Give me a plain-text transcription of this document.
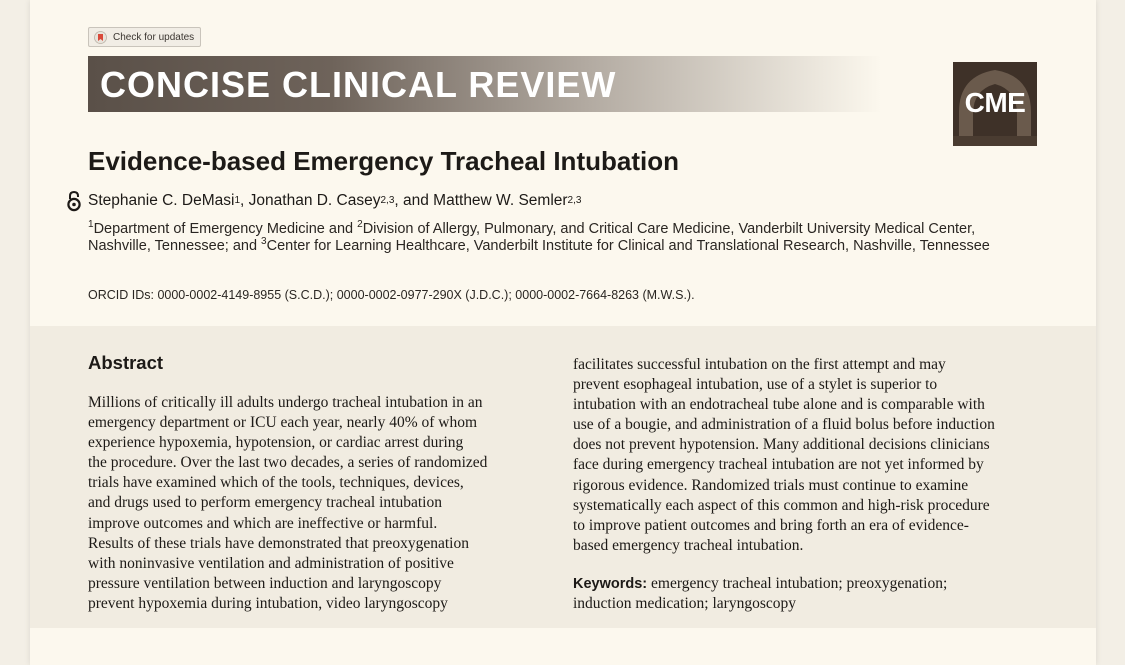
Check for updates
CONCISE CLINICAL REVIEW	CME
Evidence-based Emergency Tracheal Intubation
Stephanie C. DeMasi 1 , Jonathan D. Casey 2,3 , and Matthew W. Semler 2,3
$^1$Department of Emergency Medicine and $^2$Division of Allergy, Pulmonary, and Critical Care Medicine, Vanderbilt University Medical Center, Nashville, Tennessee; and $^3$Center for Learning Healthcare, Vanderbilt Institute for Clinical and Translational Research, Nashville, Tennessee
ORCID IDs: 0000-0002-4149-8955 (S.C.D.); 0000-0002-0977-290X (J.D.C.); 0000-0002-7664-8263 (M.W.S.).
Abstract
Millions of critically ill adults undergo tracheal intubation in an
emergency department or ICU each year, nearly 40% of whom
experience hypoxemia, hypotension, or cardiac arrest during
the procedure. Over the last two decades, a series of randomized
trials have examined which of the tools, techniques, devices,
and drugs used to perform emergency tracheal intubation
improve outcomes and which are ineffective or harmful.
Results of these trials have demonstrated that preoxygenation
with noninvasive ventilation and administration of positive
pressure ventilation between induction and laryngoscopy
prevent hypoxemia during intubation, video laryngoscopy
facilitates successful intubation on the first attempt and may
prevent esophageal intubation, use of a stylet is superior to
intubation with an endotracheal tube alone and is comparable with
use of a bougie, and administration of a fluid bolus before induction
does not prevent hypotension. Many additional decisions clinicians
face during emergency tracheal intubation are not yet informed by
rigorous evidence. Randomized trials must continue to examine
systematically each aspect of this common and high-risk procedure
to improve patient outcomes and bring forth an era of evidence-
based emergency tracheal intubation.
Keywords: emergency tracheal intubation; preoxygenation;
induction medication; laryngoscopy
